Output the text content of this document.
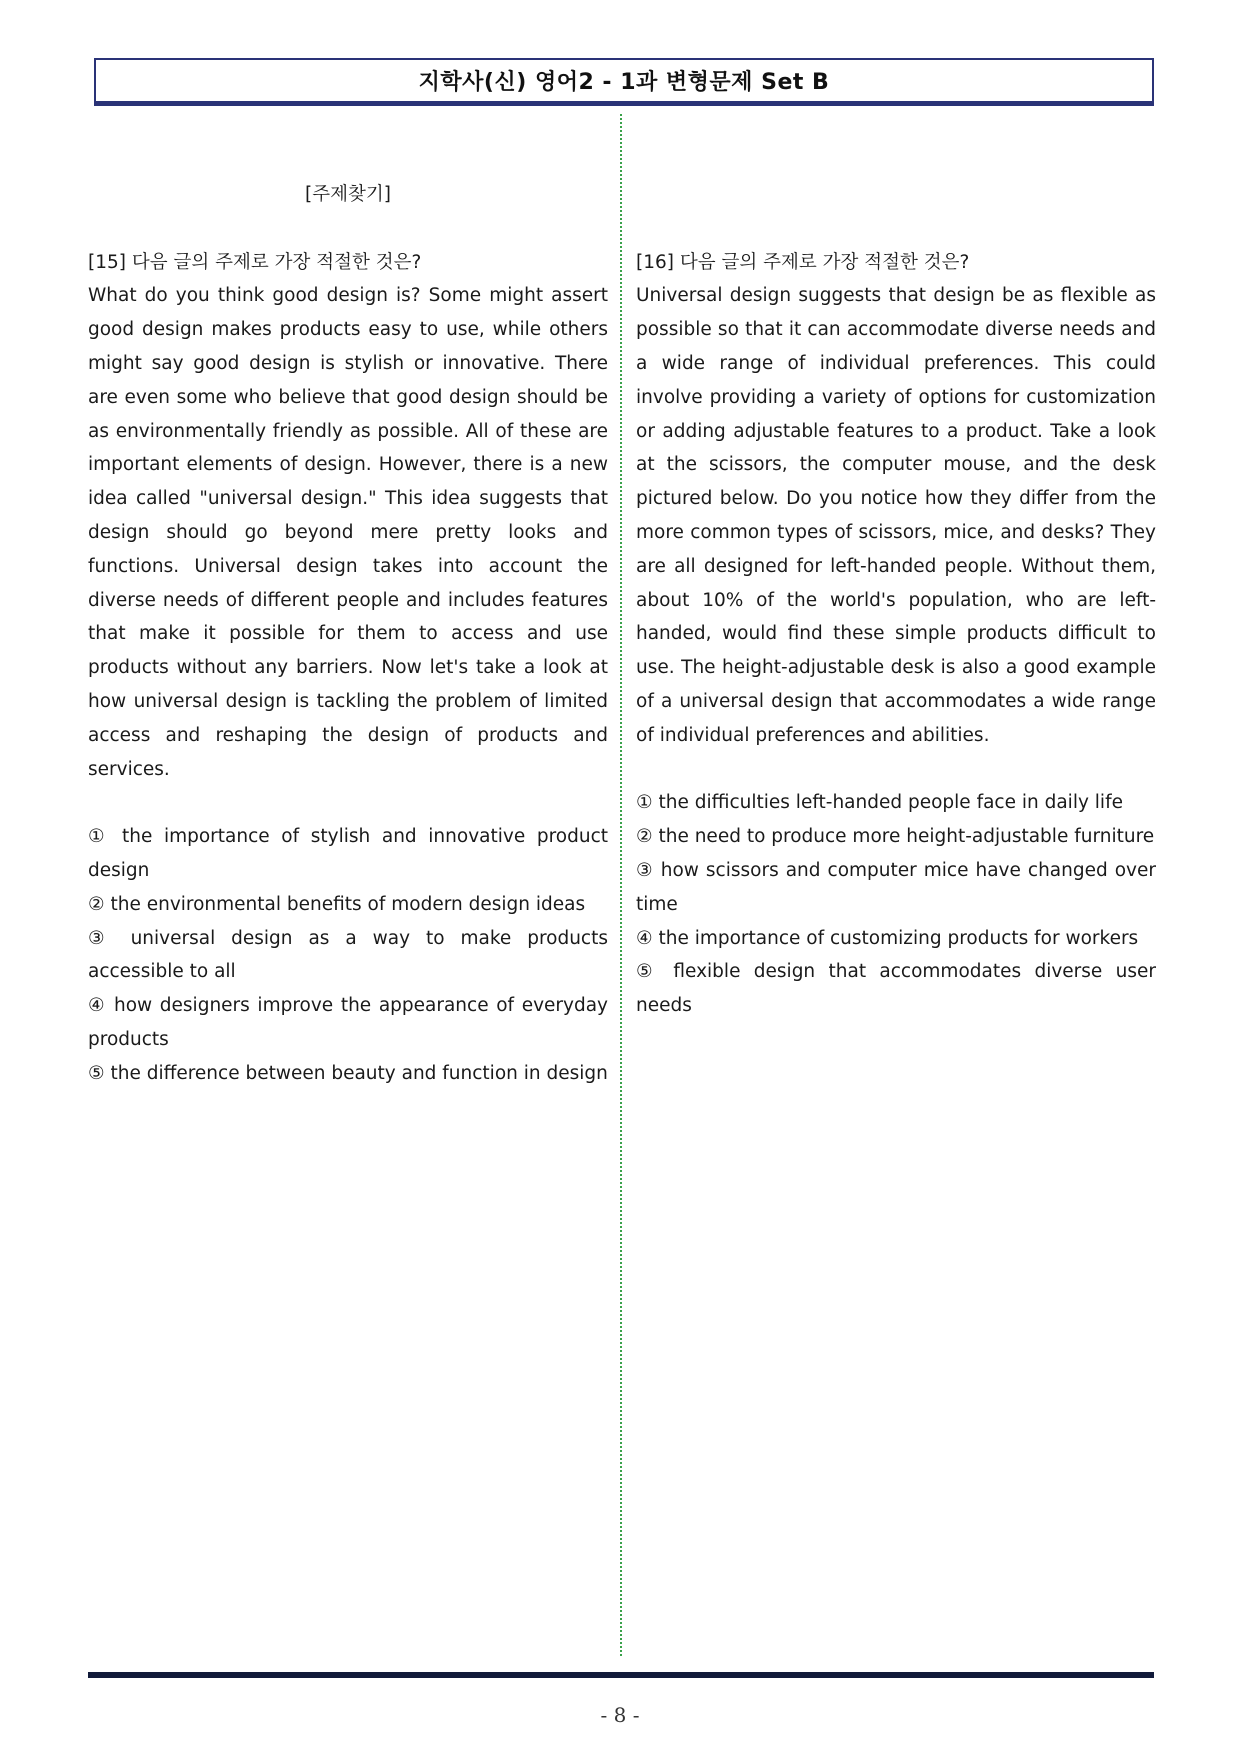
지학사(신) 영어2 - 1과 변형문제 Set B
[주제찾기]
[15] 다음 글의 주제로 가장 적절한 것은?
What do you think good design is? Some might assert good design makes products easy to use, while others might say good design is stylish or innovative. There are even some who believe that good design should be as environmentally friendly as possible. All of these are important elements of design. However, there is a new idea called "universal design." This idea suggests that design should go beyond mere pretty looks and functions. Universal design takes into account the diverse needs of different people and includes features that make it possible for them to access and use products without any barriers. Now let's take a look at how universal design is tackling the problem of limited access and reshaping the design of products and services.
① the importance of stylish and innovative product design
② the environmental benefits of modern design ideas
③ universal design as a way to make products accessible to all
④ how designers improve the appearance of everyday products
⑤ the difference between beauty and function in design
[16] 다음 글의 주제로 가장 적절한 것은?
Universal design suggests that design be as flexible as possible so that it can accommodate diverse needs and a wide range of individual preferences. This could involve providing a variety of options for customization or adding adjustable features to a product. Take a look at the scissors, the computer mouse, and the desk pictured below. Do you notice how they differ from the more common types of scissors, mice, and desks? They are all designed for left-handed people. Without them, about 10% of the world's population, who are left-handed, would find these simple products difficult to use. The height-adjustable desk is also a good example of a universal design that accommodates a wide range of individual preferences and abilities.
① the difficulties left-handed people face in daily life
② the need to produce more height-adjustable furniture
③ how scissors and computer mice have changed over time
④ the importance of customizing products for workers
⑤ flexible design that accommodates diverse user needs
- 8 -
